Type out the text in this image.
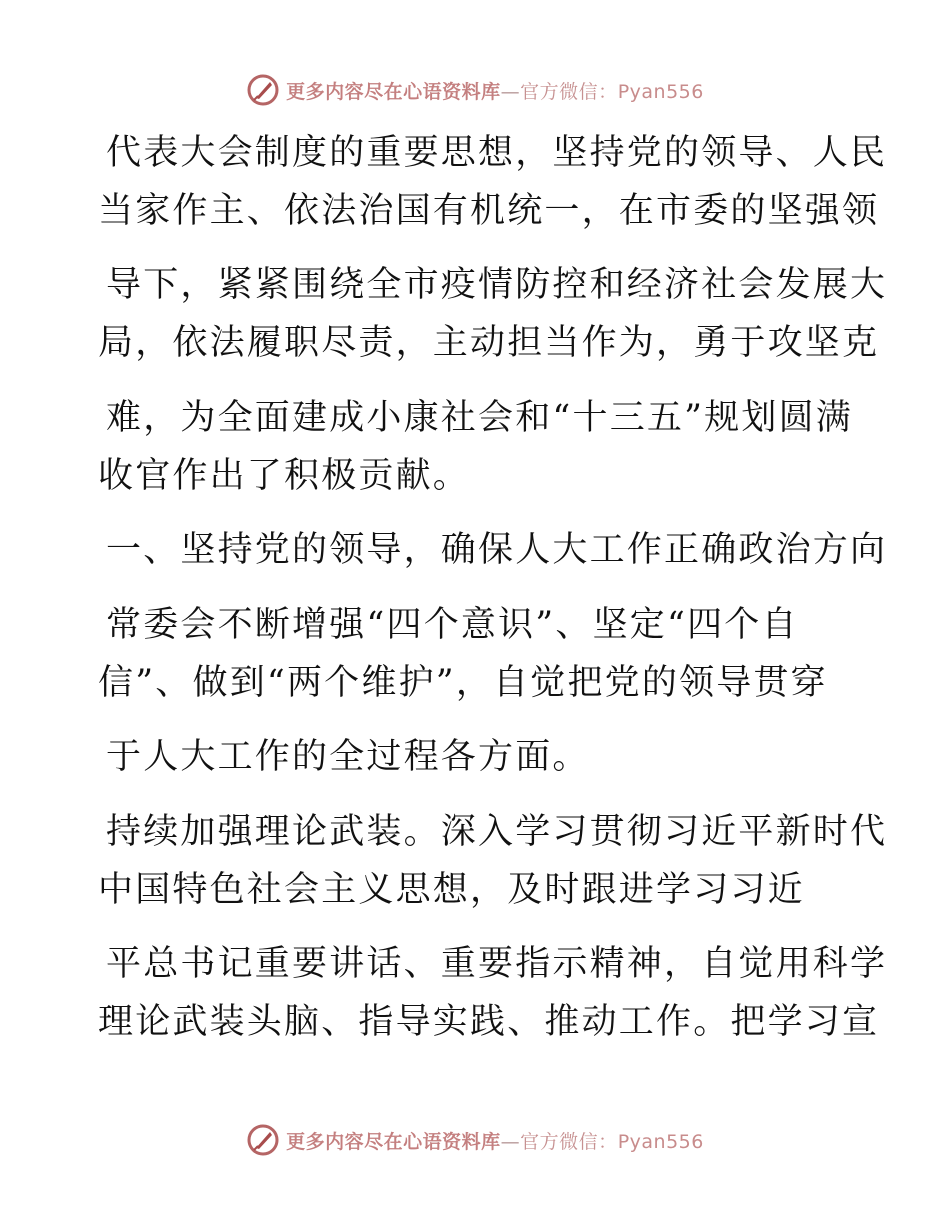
更多内容尽在心语资料库—官方微信：Pyan556
代表大会制度的重要思想，坚持党的领导、人民
当家作主、依法治国有机统一，在市委的坚强领
导下，紧紧围绕全市疫情防控和经济社会发展大
局，依法履职尽责，主动担当作为，勇于攻坚克
难，为全面建成小康社会和“十三五”规划圆满
收官作出了积极贡献。
一、坚持党的领导，确保人大工作正确政治方向
常委会不断增强“四个意识”、坚定“四个自
信”、做到“两个维护”，自觉把党的领导贯穿
于人大工作的全过程各方面。
持续加强理论武装。深入学习贯彻习近平新时代
中国特色社会主义思想，及时跟进学习习近
平总书记重要讲话、重要指示精神，自觉用科学
理论武装头脑、指导实践、推动工作。把学习宣
更多内容尽在心语资料库—官方微信：Pyan556
